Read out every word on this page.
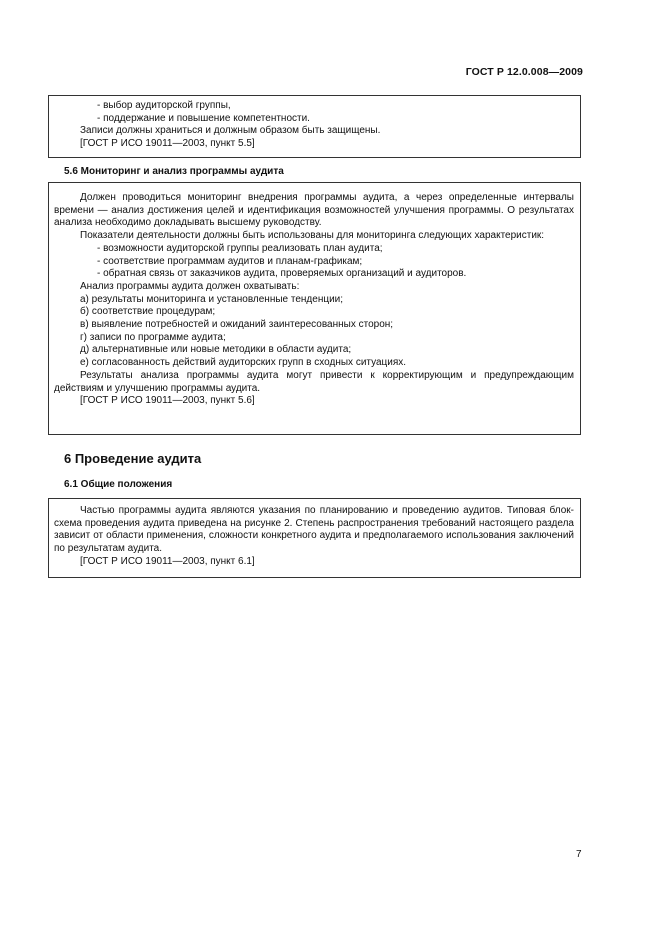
ГОСТ Р 12.0.008—2009

- выбор аудиторской группы,

- поддержание и повышение компетентности.

Записи должны храниться и должным образом быть защищены.

[ГОСТ Р ИСО 19011—2003, пункт 5.5]

5.6 Мониторинг и анализ программы аудита

Должен проводиться мониторинг внедрения программы аудита, а через определенные интервалы времени — анализ достижения целей и идентификация возможностей улучшения программы. О результатах анализа необходимо докладывать высшему руководству.

Показатели деятельности должны быть использованы для мониторинга следующих характеристик:

- возможности аудиторской группы реализовать план аудита;

- соответствие программам аудитов и планам-графикам;

- обратная связь от заказчиков аудита, проверяемых организаций и аудиторов.

Анализ программы аудита должен охватывать:

а) результаты мониторинга и установленные тенденции;

б) соответствие процедурам;

в) выявление потребностей и ожиданий заинтересованных сторон;

г) записи по программе аудита;

д) альтернативные или новые методики в области аудита;

е) согласованность действий аудиторских групп в сходных ситуациях.

Результаты анализа программы аудита могут привести к корректирующим и предупреждающим действиям и улучшению программы аудита.

[ГОСТ Р ИСО 19011—2003, пункт 5.6]

6 Проведение аудита
6.1 Общие положения

Частью программы аудита являются указания по планированию и проведению аудитов. Типовая блок-схема проведения аудита приведена на рисунке 2. Степень распространения требований настоящего раздела зависит от области применения, сложности конкретного аудита и предполагаемого использования заключений по результатам аудита.

[ГОСТ Р ИСО 19011—2003, пункт 6.1]

7
